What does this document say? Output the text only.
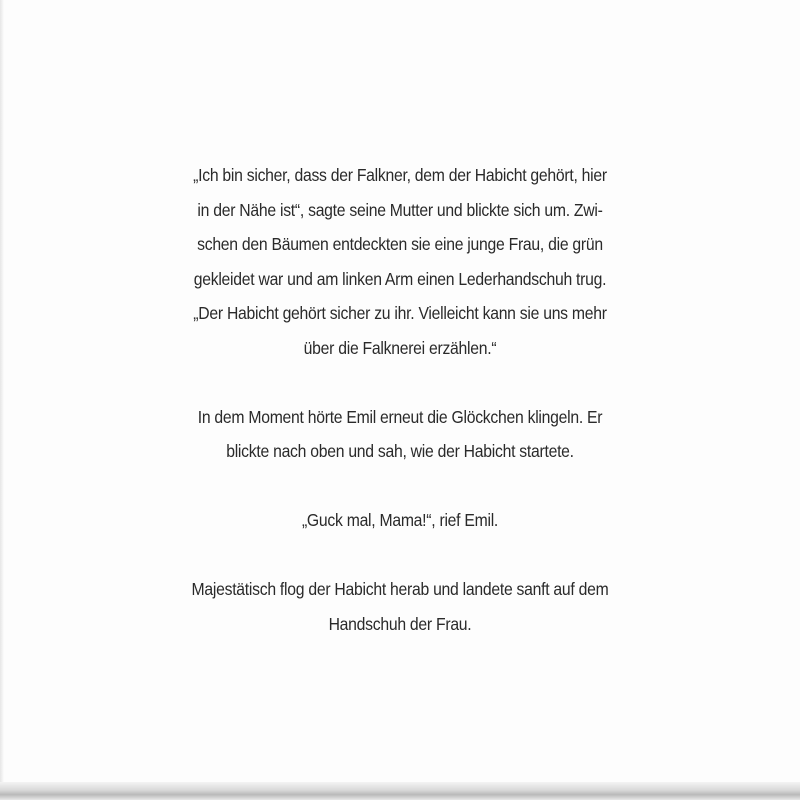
„Ich bin sicher, dass der Falkner, dem der Habicht gehört, hier
in der Nähe ist“, sagte seine Mutter und blickte sich um. Zwi-
schen den Bäumen entdeckten sie eine junge Frau, die grün
gekleidet war und am linken Arm einen Lederhandschuh trug.
„Der Habicht gehört sicher zu ihr. Vielleicht kann sie uns mehr
über die Falknerei erzählen.“
In dem Moment hörte Emil erneut die Glöckchen klingeln. Er
blickte nach oben und sah, wie der Habicht startete.
„Guck mal, Mama!“, rief Emil.
Majestätisch flog der Habicht herab und landete sanft auf dem
Handschuh der Frau.
